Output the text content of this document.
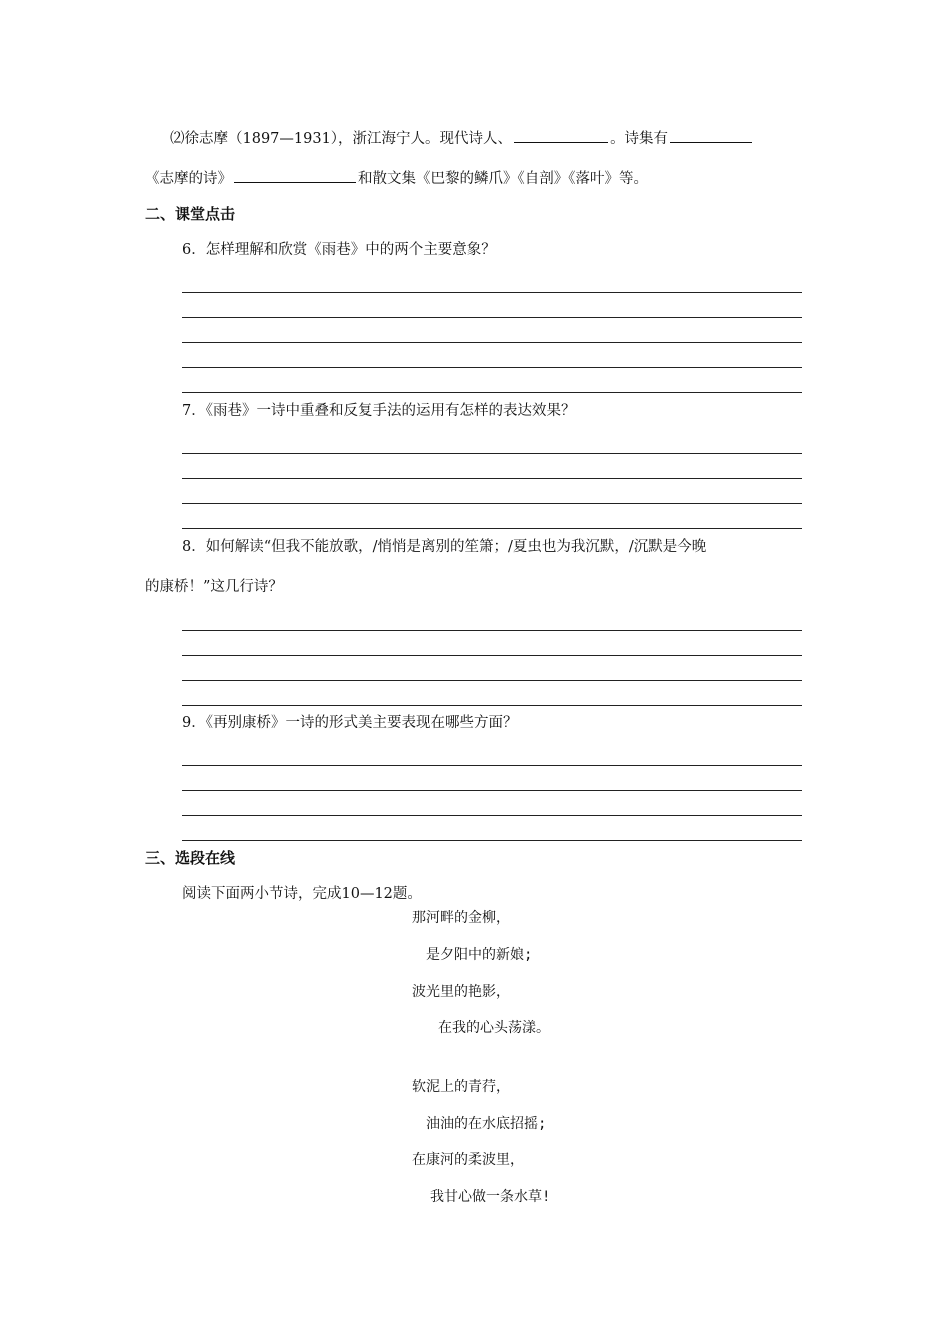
⑵徐志摩（1897—1931），浙江海宁人。现代诗人、	。诗集有
《志摩的诗》	和散文集《巴黎的鳞爪》《自剖》《落叶》等。
二、课堂点击
6．怎样理解和欣赏《雨巷》中的两个主要意象？
7．《雨巷》一诗中重叠和反复手法的运用有怎样的表达效果？
8．如何解读“但我不能放歌，/悄悄是离别的笙箫；/夏虫也为我沉默，/沉默是今晚
的康桥！”这几行诗？
9．《再别康桥》一诗的形式美主要表现在哪些方面？
三、选段在线
阅读下面两小节诗，完成10—12题。
那河畔的金柳，
是夕阳中的新娘;
波光里的艳影，
在我的心头荡漾。
软泥上的青荇，
油油的在水底招摇;
在康河的柔波里，
我甘心做一条水草!
